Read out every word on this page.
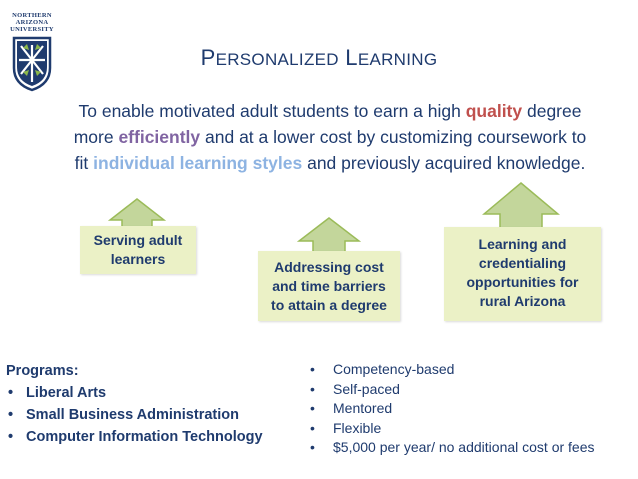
NORTHERN
ARIZONA
UNIVERSITY
PERSONALIZED LEARNING
To enable motivated adult students to earn a high quality degree more efficiently and at a lower cost by customizing coursework to fit individual learning styles and previously acquired knowledge.
Serving adult learners	Addressing cost and time barriers to attain a degree
Learning and credentialing opportunities for rural Arizona
Programs:
• Liberal Arts
• Small Business Administration
• Computer Information Technology
• Competency-based
• Self-paced
• Mentored
• Flexible
• $5,000 per year/ no additional cost or fees
